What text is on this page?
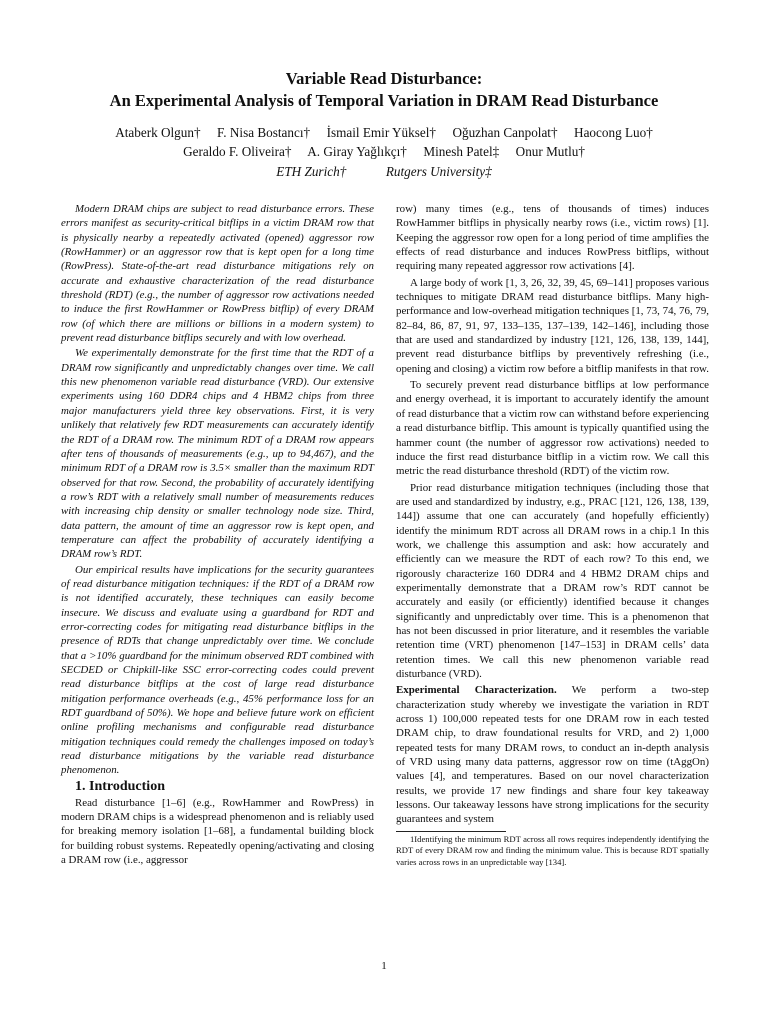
Variable Read Disturbance:
An Experimental Analysis of Temporal Variation in DRAM Read Disturbance
Ataberk Olgun†     F. Nisa Bostancı†     İsmail Emir Yüksel†     Oğuzhan Canpolat†     Haocong Luo†
Geraldo F. Oliveira†     A. Giray Yağlıkçı†     Minesh Patel‡     Onur Mutlu†
ETH Zurich†            Rutgers University‡

Modern DRAM chips are subject to read disturbance errors. These errors manifest as security-critical bitflips in a victim DRAM row that is physically nearby a repeatedly activated (opened) aggressor row (RowHammer) or an aggressor row that is kept open for a long time (RowPress). State-of-the-art read disturbance mitigations rely on accurate and exhaustive characterization of the read disturbance threshold (RDT) (e.g., the number of aggressor row activations needed to induce the first RowHammer or RowPress bitflip) of every DRAM row (of which there are millions or billions in a modern system) to prevent read disturbance bitflips securely and with low overhead.

We experimentally demonstrate for the first time that the RDT of a DRAM row significantly and unpredictably changes over time. We call this new phenomenon variable read disturbance (VRD). Our extensive experiments using 160 DDR4 chips and 4 HBM2 chips from three major manufacturers yield three key observations. First, it is very unlikely that relatively few RDT measurements can accurately identify the RDT of a DRAM row. The minimum RDT of a DRAM row appears after tens of thousands of measurements (e.g., up to 94,467), and the minimum RDT of a DRAM row is 3.5× smaller than the maximum RDT observed for that row. Second, the probability of accurately identifying a row’s RDT with a relatively small number of measurements reduces with increasing chip density or smaller technology node size. Third, data pattern, the amount of time an aggressor row is kept open, and temperature can affect the probability of accurately identifying a DRAM row’s RDT.

Our empirical results have implications for the security guarantees of read disturbance mitigation techniques: if the RDT of a DRAM row is not identified accurately, these techniques can easily become insecure. We discuss and evaluate using a guardband for RDT and error-correcting codes for mitigating read disturbance bitflips in the presence of RDTs that change unpredictably over time. We conclude that a >10% guardband for the minimum observed RDT combined with SECDED or Chipkill-like SSC error-correcting codes could prevent read disturbance bitflips at the cost of large read disturbance mitigation performance overheads (e.g., 45% performance loss for an RDT guardband of 50%). We hope and believe future work on efficient online profiling mechanisms and configurable read disturbance mitigation techniques could remedy the challenges imposed on today’s read disturbance mitigations by the variable read disturbance phenomenon.

1. Introduction

Read disturbance [1–6] (e.g., RowHammer and RowPress) in modern DRAM chips is a widespread phenomenon and is reliably used for breaking memory isolation [1–68], a fundamental building block for building robust systems. Repeatedly opening/activating and closing a DRAM row (i.e., aggressor

row) many times (e.g., tens of thousands of times) induces RowHammer bitflips in physically nearby rows (i.e., victim rows) [1]. Keeping the aggressor row open for a long period of time amplifies the effects of read disturbance and induces RowPress bitflips, without requiring many repeated aggressor row activations [4].

A large body of work [1, 3, 26, 32, 39, 45, 69–141] proposes various techniques to mitigate DRAM read disturbance bitflips. Many high-performance and low-overhead mitigation techniques [1, 73, 74, 76, 79, 82–84, 86, 87, 91, 97, 133–135, 137–139, 142–146], including those that are used and standardized by industry [121, 126, 138, 139, 144], prevent read disturbance bitflips by preventively refreshing (i.e., opening and closing) a victim row before a bitflip manifests in that row.

To securely prevent read disturbance bitflips at low performance and energy overhead, it is important to accurately identify the amount of read disturbance that a victim row can withstand before experiencing a read disturbance bitflip. This amount is typically quantified using the hammer count (the number of aggressor row activations) needed to induce the first read disturbance bitflip in a victim row. We call this metric the read disturbance threshold (RDT) of the victim row.

Prior read disturbance mitigation techniques (including those that are used and standardized by industry, e.g., PRAC [121, 126, 138, 139, 144]) assume that one can accurately (and hopefully efficiently) identify the minimum RDT across all DRAM rows in a chip.1 In this work, we challenge this assumption and ask: how accurately and efficiently can we measure the RDT of each row? To this end, we rigorously characterize 160 DDR4 and 4 HBM2 DRAM chips and experimentally demonstrate that a DRAM row’s RDT cannot be accurately and easily (or efficiently) identified because it changes significantly and unpredictably over time. This is a phenomenon that has not been discussed in prior literature, and it resembles the variable retention time (VRT) phenomenon [147–153] in DRAM cells’ data retention times. We call this new phenomenon variable read disturbance (VRD).

Experimental Characterization. We perform a two-step characterization study whereby we investigate the variation in RDT across 1) 100,000 repeated tests for one DRAM row in each tested DRAM chip, to draw foundational results for VRD, and 2) 1,000 repeated tests for many DRAM rows, to conduct an in-depth analysis of VRD using many data patterns, aggressor row on time (tAggOn) values [4], and temperatures. Based on our novel characterization results, we provide 17 new findings and share four key takeaway lessons. Our takeaway lessons have strong implications for the security guarantees and system

1Identifying the minimum RDT across all rows requires independently identifying the RDT of every DRAM row and finding the minimum value. This is because RDT spatially varies across rows in an unpredictable way [134].

1
